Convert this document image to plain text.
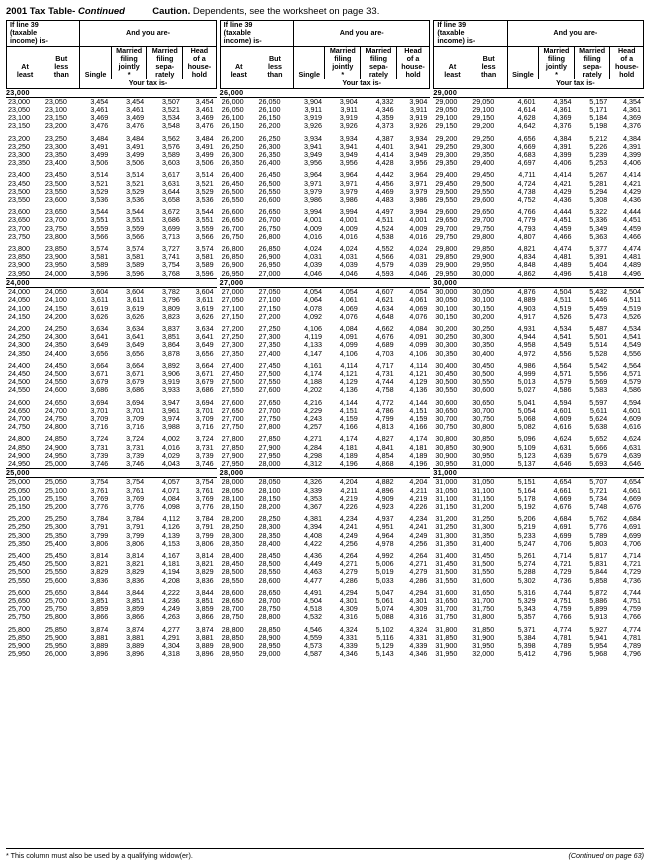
2001 Tax Table- Continued	Caution. Dependents, see the worksheet on page 33.
If line 39
(taxable
income) is-		And you are-			
At
least	But
less
than	Single	Married
filing
jointly
*	Married
filing
sepa-
rately	Head
of a
house-
hold
		Your tax is-			
23,000					
23,000	23,050	3,454	3,454	3,507	3,454
23,050	23,100	3,461	3,461	3,521	3,461
23,100	23,150	3,469	3,469	3,534	3,469
23,150	23,200	3,476	3,476	3,548	3,476

23,200	23,250	3,484	3,484	3,562	3,484
23,250	23,300	3,491	3,491	3,576	3,491
23,300	23,350	3,499	3,499	3,589	3,499
23,350	23,400	3,506	3,506	3,603	3,506

23,400	23,450	3,514	3,514	3,617	3,514
23,450	23,500	3,521	3,521	3,631	3,521
23,500	23,550	3,529	3,529	3,644	3,529
23,550	23,600	3,536	3,536	3,658	3,536

23,600	23,650	3,544	3,544	3,672	3,544
23,650	23,700	3,551	3,551	3,686	3,551
23,700	23,750	3,559	3,559	3,699	3,559
23,750	23,800	3,566	3,566	3,713	3,566

23,800	23,850	3,574	3,574	3,727	3,574
23,850	23,900	3,581	3,581	3,741	3,581
23,900	23,950	3,589	3,589	3,754	3,589
23,950	24,000	3,596	3,596	3,768	3,596
24,000					
24,000	24,050	3,604	3,604	3,782	3,604
24,050	24,100	3,611	3,611	3,796	3,611
24,100	24,150	3,619	3,619	3,809	3,619
24,150	24,200	3,626	3,626	3,823	3,626

24,200	24,250	3,634	3,634	3,837	3,634
24,250	24,300	3,641	3,641	3,851	3,641
24,300	24,350	3,649	3,649	3,864	3,649
24,350	24,400	3,656	3,656	3,878	3,656

24,400	24,450	3,664	3,664	3,892	3,664
24,450	24,500	3,671	3,671	3,906	3,671
24,500	24,550	3,679	3,679	3,919	3,679
24,550	24,600	3,686	3,686	3,933	3,686

24,600	24,650	3,694	3,694	3,947	3,694
24,650	24,700	3,701	3,701	3,961	3,701
24,700	24,750	3,709	3,709	3,974	3,709
24,750	24,800	3,716	3,716	3,988	3,716

24,800	24,850	3,724	3,724	4,002	3,724
24,850	24,900	3,731	3,731	4,016	3,731
24,900	24,950	3,739	3,739	4,029	3,739
24,950	25,000	3,746	3,746	4,043	3,746
25,000					
25,000	25,050	3,754	3,754	4,057	3,754
25,050	25,100	3,761	3,761	4,071	3,761
25,100	25,150	3,769	3,769	4,084	3,769
25,150	25,200	3,776	3,776	4,098	3,776

25,200	25,250	3,784	3,784	4,112	3,784
25,250	25,300	3,791	3,791	4,126	3,791
25,300	25,350	3,799	3,799	4,139	3,799
25,350	25,400	3,806	3,806	4,153	3,806

25,400	25,450	3,814	3,814	4,167	3,814
25,450	25,500	3,821	3,821	4,181	3,821
25,500	25,550	3,829	3,829	4,194	3,829
25,550	25,600	3,836	3,836	4,208	3,836

25,600	25,650	3,844	3,844	4,222	3,844
25,650	25,700	3,851	3,851	4,236	3,851
25,700	25,750	3,859	3,859	4,249	3,859
25,750	25,800	3,866	3,866	4,263	3,866

25,800	25,850	3,874	3,874	4,277	3,874
25,850	25,900	3,881	3,881	4,291	3,881
25,900	25,950	3,889	3,889	4,304	3,889
25,950	26,000	3,896	3,896	4,318	3,896
If line 39
(taxable
income) is-		And you are-			
At
least	But
less
than	Single	Married
filing
jointly
*	Married
filing
sepa-
rately	Head
of a
house-
hold
		Your tax is-			
26,000					
26,000	26,050	3,904	3,904	4,332	3,904
26,050	26,100	3,911	3,911	4,346	3,911
26,100	26,150	3,919	3,919	4,359	3,919
26,150	26,200	3,926	3,926	4,373	3,926

26,200	26,250	3,934	3,934	4,387	3,934
26,250	26,300	3,941	3,941	4,401	3,941
26,300	26,350	3,949	3,949	4,414	3,949
26,350	26,400	3,956	3,956	4,428	3,956

26,400	26,450	3,964	3,964	4,442	3,964
26,450	26,500	3,971	3,971	4,456	3,971
26,500	26,550	3,979	3,979	4,469	3,979
26,550	26,600	3,986	3,986	4,483	3,986

26,600	26,650	3,994	3,994	4,497	3,994
26,650	26,700	4,001	4,001	4,511	4,001
26,700	26,750	4,009	4,009	4,524	4,009
26,750	26,800	4,016	4,016	4,538	4,016

26,800	26,850	4,024	4,024	4,552	4,024
26,850	26,900	4,031	4,031	4,566	4,031
26,900	26,950	4,039	4,039	4,579	4,039
26,950	27,000	4,046	4,046	4,593	4,046
27,000					
27,000	27,050	4,054	4,054	4,607	4,054
27,050	27,100	4,064	4,061	4,621	4,061
27,100	27,150	4,078	4,069	4,634	4,069
27,150	27,200	4,092	4,076	4,648	4,076

27,200	27,250	4,106	4,084	4,662	4,084
27,250	27,300	4,119	4,091	4,676	4,091
27,300	27,350	4,133	4,099	4,689	4,099
27,350	27,400	4,147	4,106	4,703	4,106

27,400	27,450	4,161	4,114	4,717	4,114
27,450	27,500	4,174	4,121	4,731	4,121
27,500	27,550	4,188	4,129	4,744	4,129
27,550	27,600	4,202	4,136	4,758	4,136

27,600	27,650	4,216	4,144	4,772	4,144
27,650	27,700	4,229	4,151	4,786	4,151
27,700	27,750	4,243	4,159	4,799	4,159
27,750	27,800	4,257	4,166	4,813	4,166

27,800	27,850	4,271	4,174	4,827	4,174
27,850	27,900	4,284	4,181	4,841	4,181
27,900	27,950	4,298	4,189	4,854	4,189
27,950	28,000	4,312	4,196	4,868	4,196
28,000					
28,000	28,050	4,326	4,204	4,882	4,204
28,050	28,100	4,339	4,211	4,896	4,211
28,100	28,150	4,353	4,219	4,909	4,219
28,150	28,200	4,367	4,226	4,923	4,226

28,200	28,250	4,381	4,234	4,937	4,234
28,250	28,300	4,394	4,241	4,951	4,241
28,300	28,350	4,408	4,249	4,964	4,249
28,350	28,400	4,422	4,256	4,978	4,256

28,400	28,450	4,436	4,264	4,992	4,264
28,450	28,500	4,449	4,271	5,006	4,271
28,500	28,550	4,463	4,279	5,019	4,279
28,550	28,600	4,477	4,286	5,033	4,286

28,600	28,650	4,491	4,294	5,047	4,294
28,650	28,700	4,504	4,301	5,061	4,301
28,700	28,750	4,518	4,309	5,074	4,309
28,750	28,800	4,532	4,316	5,088	4,316

28,800	28,850	4,546	4,324	5,102	4,324
28,850	28,900	4,559	4,331	5,116	4,331
28,900	28,950	4,573	4,339	5,129	4,339
28,950	29,000	4,587	4,346	5,143	4,346
If line 39
(taxable
income) is-		And you are-			
At
least	But
less
than	Single	Married
filing
jointly
*	Married
filing
sepa-
rately	Head
of a
house-
hold
		Your tax is-			
29,000					
29,000	29,050	4,601	4,354	5,157	4,354
29,050	29,100	4,614	4,361	5,171	4,361
29,100	29,150	4,628	4,369	5,184	4,369
29,150	29,200	4,642	4,376	5,198	4,376

29,200	29,250	4,656	4,384	5,212	4,384
29,250	29,300	4,669	4,391	5,226	4,391
29,300	29,350	4,683	4,399	5,239	4,399
29,350	29,400	4,697	4,406	5,253	4,406

29,400	29,450	4,711	4,414	5,267	4,414
29,450	29,500	4,724	4,421	5,281	4,421
29,500	29,550	4,738	4,429	5,294	4,429
29,550	29,600	4,752	4,436	5,308	4,436

29,600	29,650	4,766	4,444	5,322	4,444
29,650	29,700	4,779	4,451	5,336	4,451
29,700	29,750	4,793	4,459	5,349	4,459
29,750	29,800	4,807	4,466	5,363	4,466

29,800	29,850	4,821	4,474	5,377	4,474
29,850	29,900	4,834	4,481	5,391	4,481
29,900	29,950	4,848	4,489	5,404	4,489
29,950	30,000	4,862	4,496	5,418	4,496
30,000					
30,000	30,050	4,876	4,504	5,432	4,504
30,050	30,100	4,889	4,511	5,446	4,511
30,100	30,150	4,903	4,519	5,459	4,519
30,150	30,200	4,917	4,526	5,473	4,526

30,200	30,250	4,931	4,534	5,487	4,534
30,250	30,300	4,944	4,541	5,501	4,541
30,300	30,350	4,958	4,549	5,514	4,549
30,350	30,400	4,972	4,556	5,528	4,556

30,400	30,450	4,986	4,564	5,542	4,564
30,450	30,500	4,999	4,571	5,556	4,571
30,500	30,550	5,013	4,579	5,569	4,579
30,550	30,600	5,027	4,586	5,583	4,586

30,600	30,650	5,041	4,594	5,597	4,594
30,650	30,700	5,054	4,601	5,611	4,601
30,700	30,750	5,068	4,609	5,624	4,609
30,750	30,800	5,082	4,616	5,638	4,616

30,800	30,850	5,096	4,624	5,652	4,624
30,850	30,900	5,109	4,631	5,666	4,631
30,900	30,950	5,123	4,639	5,679	4,639
30,950	31,000	5,137	4,646	5,693	4,646
31,000					
31,000	31,050	5,151	4,654	5,707	4,654
31,050	31,100	5,164	4,661	5,721	4,661
31,100	31,150	5,178	4,669	5,734	4,669
31,150	31,200	5,192	4,676	5,748	4,676

31,200	31,250	5,206	4,684	5,762	4,684
31,250	31,300	5,219	4,691	5,776	4,691
31,300	31,350	5,233	4,699	5,789	4,699
31,350	31,400	5,247	4,706	5,803	4,706

31,400	31,450	5,261	4,714	5,817	4,714
31,450	31,500	5,274	4,721	5,831	4,721
31,500	31,550	5,288	4,729	5,844	4,729
31,550	31,600	5,302	4,736	5,858	4,736

31,600	31,650	5,316	4,744	5,872	4,744
31,650	31,700	5,329	4,751	5,886	4,751
31,700	31,750	5,343	4,759	5,899	4,759
31,750	31,800	5,357	4,766	5,913	4,766

31,800	31,850	5,371	4,774	5,927	4,774
31,850	31,900	5,384	4,781	5,941	4,781
31,900	31,950	5,398	4,789	5,954	4,789
31,950	32,000	5,412	4,796	5,968	4,796
* This column must also be used by a qualifying widow(er).	(Continued on page 63)
